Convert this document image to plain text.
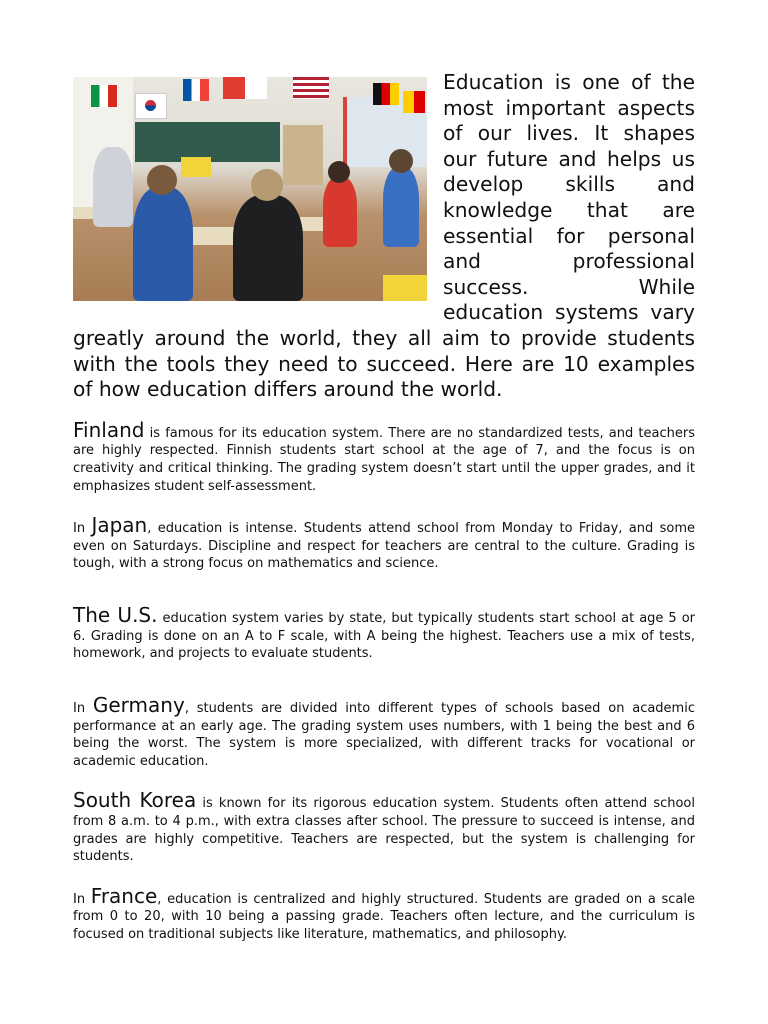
Education is one of the most important aspects of our lives. It shapes our future and helps us develop skills and knowledge that are essential for personal and professional success. While education systems vary greatly around the world, they all aim to provide students with the tools they need to succeed. Here are 10 examples of how education differs around the world.

Finland is famous for its education system. There are no standardized tests, and teachers are highly respected. Finnish students start school at the age of 7, and the focus is on creativity and critical thinking. The grading system doesn’t start until the upper grades, and it emphasizes student self-assessment.

In Japan, education is intense. Students attend school from Monday to Friday, and some even on Saturdays. Discipline and respect for teachers are central to the culture. Grading is tough, with a strong focus on mathematics and science.

The U.S. education system varies by state, but typically students start school at age 5 or 6. Grading is done on an A to F scale, with A being the highest. Teachers use a mix of tests, homework, and projects to evaluate students.

In Germany, students are divided into different types of schools based on academic performance at an early age. The grading system uses numbers, with 1 being the best and 6 being the worst. The system is more specialized, with different tracks for vocational or academic education.

South Korea is known for its rigorous education system. Students often attend school from 8 a.m. to 4 p.m., with extra classes after school. The pressure to succeed is intense, and grades are highly competitive. Teachers are respected, but the system is challenging for students.

In France, education is centralized and highly structured. Students are graded on a scale from 0 to 20, with 10 being a passing grade. Teachers often lecture, and the curriculum is focused on traditional subjects like literature, mathematics, and philosophy.
